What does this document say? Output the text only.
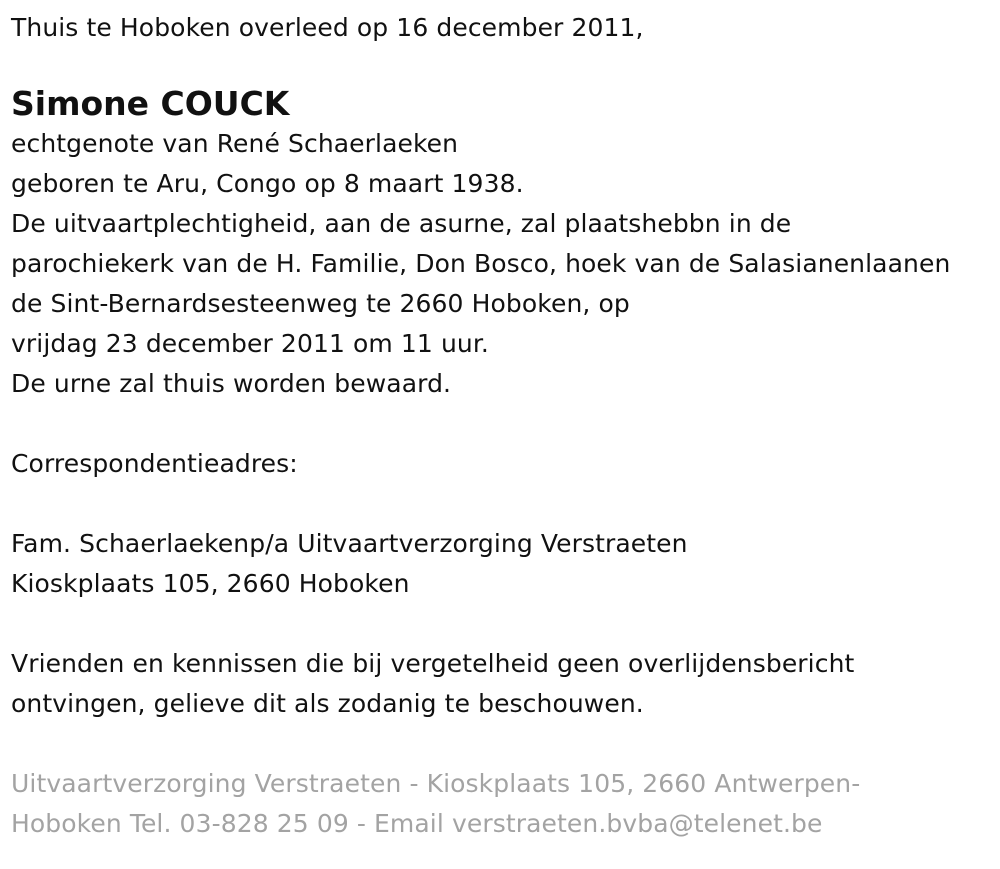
Thuis te Hoboken overleed op 16 december 2011,
Simone COUCK
echtgenote van René Schaerlaeken
geboren te Aru, Congo op 8 maart 1938.
De uitvaartplechtigheid, aan de asurne, zal plaatshebbn in de
parochiekerk van de H. Familie, Don Bosco, hoek van de Salasianenlaanen
de Sint-Bernardsesteenweg te 2660 Hoboken, op
vrijdag 23 december 2011 om 11 uur.
De urne zal thuis worden bewaard.
Correspondentieadres:
Fam. Schaerlaekenp/a Uitvaartverzorging Verstraeten
Kioskplaats 105, 2660 Hoboken
Vrienden en kennissen die bij vergetelheid geen overlijdensbericht
ontvingen, gelieve dit als zodanig te beschouwen.
Uitvaartverzorging Verstraeten - Kioskplaats 105, 2660 Antwerpen-
Hoboken Tel. 03-828 25 09 - Email verstraeten.bvba@telenet.be
